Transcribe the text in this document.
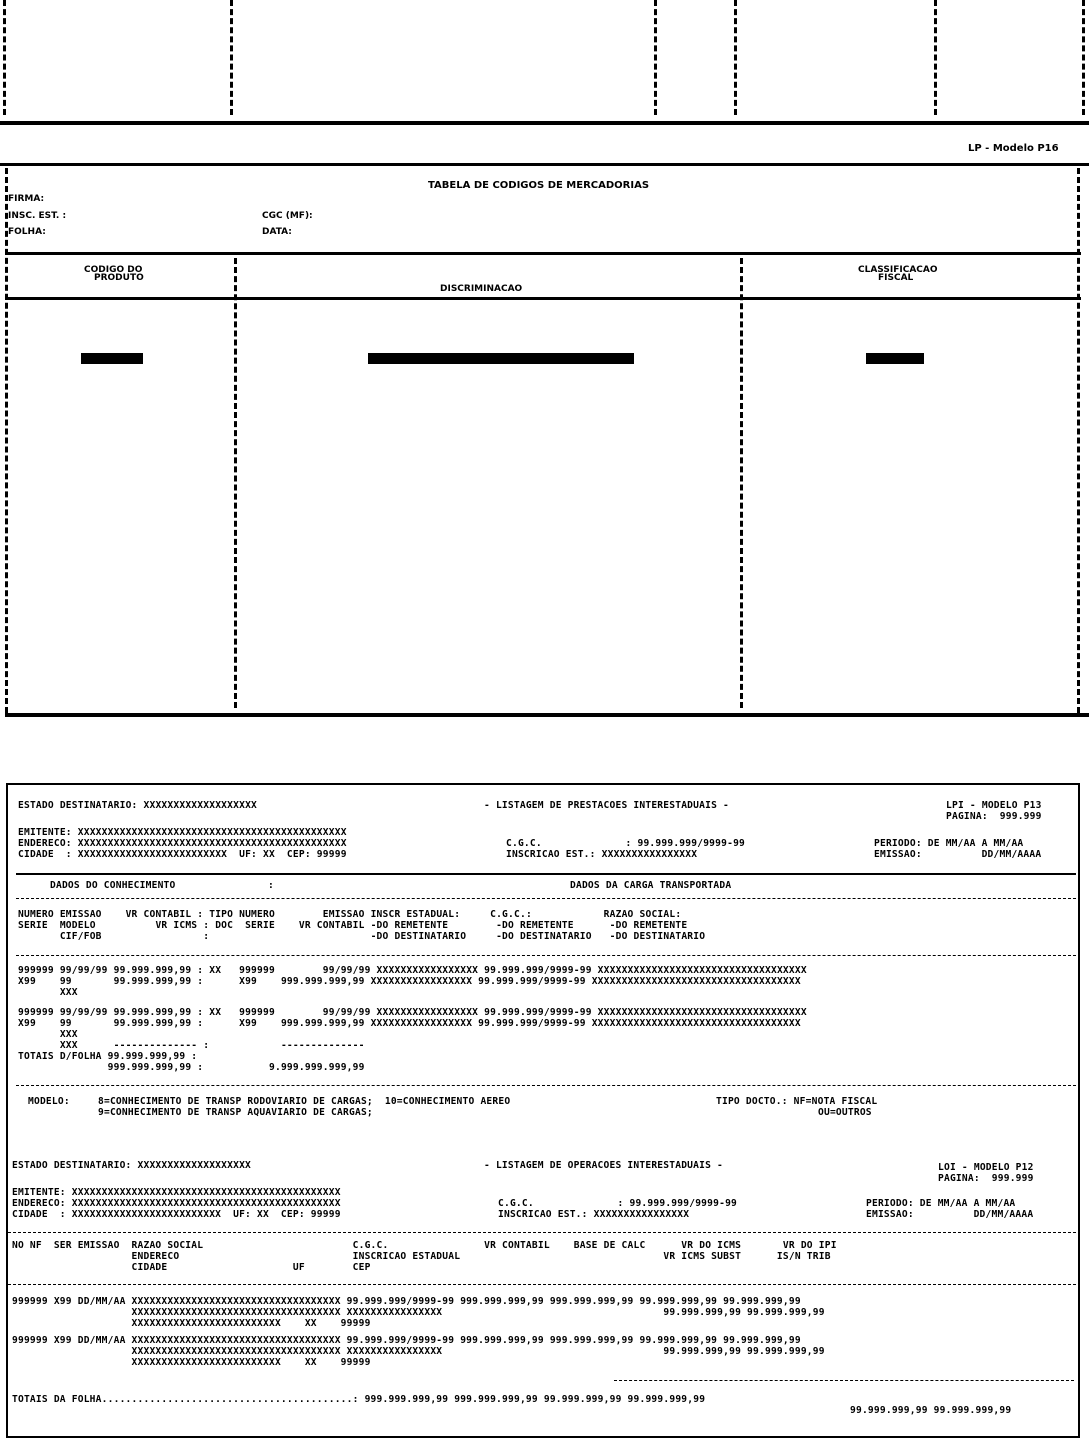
LP - Modelo P16
TABELA DE CODIGOS DE MERCADORIAS
FIRMA:
INSC. EST. :
FOLHA:
CGC (MF):
DATA:
CODIGO DO
PRODUTO
DISCRIMINACAO
CLASSIFICACAO
FISCAL
ESTADO DESTINATARIO: XXXXXXXXXXXXXXXXXXX	- LISTAGEM DE PRESTACOES INTERESTADUAIS -	LPI - MODELO P13
PAGINA:  999.999
EMITENTE: XXXXXXXXXXXXXXXXXXXXXXXXXXXXXXXXXXXXXXXXXXXXX
ENDERECO: XXXXXXXXXXXXXXXXXXXXXXXXXXXXXXXXXXXXXXXXXXXXX
CIDADE  : XXXXXXXXXXXXXXXXXXXXXXXXX  UF: XX  CEP: 99999
C.G.C.              : 99.999.999/9999-99
INSCRICAO EST.: XXXXXXXXXXXXXXXX
PERIODO: DE MM/AA A MM/AA
EMISSAO:          DD/MM/AAAA
DADOS DO CONHECIMENTO	:	DADOS DA CARGA TRANSPORTADA
NUMERO EMISSAO    VR CONTABIL : TIPO NUMERO        EMISSAO INSCR ESTADUAL:     C.G.C.:            RAZAO SOCIAL:
SERIE  MODELO          VR ICMS : DOC  SERIE    VR CONTABIL -DO REMETENTE        -DO REMETENTE      -DO REMETENTE
CIF/FOB                 :                           -DO DESTINATARIO     -DO DESTINATARIO   -DO DESTINATARIO
999999 99/99/99 99.999.999,99 : XX   999999        99/99/99 XXXXXXXXXXXXXXXXX 99.999.999/9999-99 XXXXXXXXXXXXXXXXXXXXXXXXXXXXXXXXXXX
X99    99       99.999.999,99 :      X99    999.999.999,99 XXXXXXXXXXXXXXXXX 99.999.999/9999-99 XXXXXXXXXXXXXXXXXXXXXXXXXXXXXXXXXXX
XXX
999999 99/99/99 99.999.999,99 : XX   999999        99/99/99 XXXXXXXXXXXXXXXXX 99.999.999/9999-99 XXXXXXXXXXXXXXXXXXXXXXXXXXXXXXXXXXX
X99    99       99.999.999,99 :      X99    999.999.999,99 XXXXXXXXXXXXXXXXX 99.999.999/9999-99 XXXXXXXXXXXXXXXXXXXXXXXXXXXXXXXXXXX
XXX
XXX      -------------- :            --------------
TOTAIS D/FOLHA 99.999.999,99 :
999.999.999,99 :           9.999.999.999,99
MODELO:	8=CONHECIMENTO DE TRANSP RODOVIARIO DE CARGAS;  10=CONHECIMENTO AEREO
9=CONHECIMENTO DE TRANSP AQUAVIARIO DE CARGAS;
TIPO DOCTO.: NF=NOTA FISCAL
OU=OUTROS
ESTADO DESTINATARIO: XXXXXXXXXXXXXXXXXXX	- LISTAGEM DE OPERACOES INTERESTADUAIS -	LOI - MODELO P12
PAGINA:  999.999
EMITENTE: XXXXXXXXXXXXXXXXXXXXXXXXXXXXXXXXXXXXXXXXXXXXX
ENDERECO: XXXXXXXXXXXXXXXXXXXXXXXXXXXXXXXXXXXXXXXXXXXXX
CIDADE  : XXXXXXXXXXXXXXXXXXXXXXXXX  UF: XX  CEP: 99999
C.G.C.              : 99.999.999/9999-99
INSCRICAO EST.: XXXXXXXXXXXXXXXX
PERIODO: DE MM/AA A MM/AA
EMISSAO:          DD/MM/AAAA
NO NF  SER EMISSAO  RAZAO SOCIAL                         C.G.C.                VR CONTABIL    BASE DE CALC      VR DO ICMS       VR DO IPI
ENDERECO                             INSCRICAO ESTADUAL                                  VR ICMS SUBST      IS/N TRIB
CIDADE                     UF        CEP
999999 X99 DD/MM/AA XXXXXXXXXXXXXXXXXXXXXXXXXXXXXXXXXXX 99.999.999/9999-99 999.999.999,99 999.999.999,99 99.999.999,99 99.999.999,99
XXXXXXXXXXXXXXXXXXXXXXXXXXXXXXXXXXX XXXXXXXXXXXXXXXX                                     99.999.999,99 99.999.999,99
XXXXXXXXXXXXXXXXXXXXXXXXX    XX    99999
999999 X99 DD/MM/AA XXXXXXXXXXXXXXXXXXXXXXXXXXXXXXXXXXX 99.999.999/9999-99 999.999.999,99 999.999.999,99 99.999.999,99 99.999.999,99
XXXXXXXXXXXXXXXXXXXXXXXXXXXXXXXXXXX XXXXXXXXXXXXXXXX                                     99.999.999,99 99.999.999,99
XXXXXXXXXXXXXXXXXXXXXXXXX    XX    99999
TOTAIS DA FOLHA..........................................: 999.999.999,99 999.999.999,99 99.999.999,99 99.999.999,99
99.999.999,99 99.999.999,99
